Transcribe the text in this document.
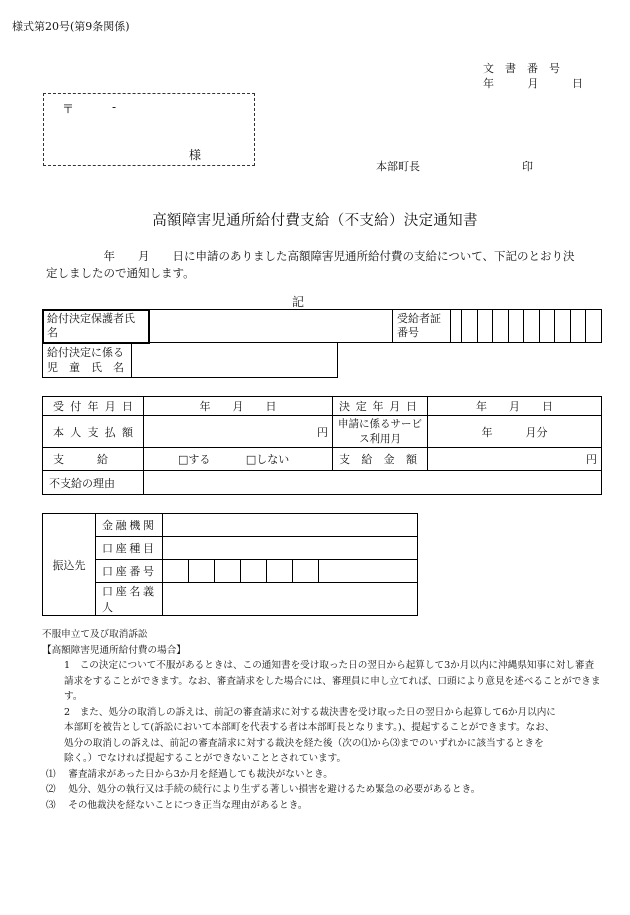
様式第20号(第9条関係)
文　書　番　号
年	月	日
〒	-
様
本部町長	印
高額障害児通所給付費支給（不支給）決定通知書
　　　　　年　　月　　日に申請のありました高額障害児通所給付費の支給について、下記のとおり決定しましたので通知します。
記
給付決定保護者氏名		受給者証番号										
給付決定に係る児　童　氏　名

受付年月日	年　　月　　日	決定年月日	年　　月　　日
本人支払額	円	申請に係るサービス利用月	年　　　月分
支　　　給	□する □しない	支　給　金　額	円
不支給の理由			
振込先	金融機関							
	口座種目							
	口座番号							
	口座名義人							
不服申立て及び取消訴訟
【高額障害児通所給付費の場合】
1　この決定について不服があるときは、この通知書を受け取った日の翌日から起算して3か月以内に沖縄県知事に対し審査請求をすることができます。なお、審査請求をした場合には、審理員に申し立てれば、口頭により意見を述べることができます。
2　また、処分の取消しの訴えは、前記の審査請求に対する裁決書を受け取った日の翌日から起算して6か月以内に
本部町を被告として(訴訟において本部町を代表する者は本部町長となります。)、提起することができます。なお、
処分の取消しの訴えは、前記の審査請求に対する裁決を経た後（次の⑴から⑶までのいずれかに該当するときを
除く。）でなければ提起することができないこととされています。
⑴　 審査請求があった日から3か月を経過しても裁決がないとき。
⑵　 処分、処分の執行又は手続の続行により生ずる著しい損害を避けるため緊急の必要があるとき。
⑶　 その他裁決を経ないことにつき正当な理由があるとき。
